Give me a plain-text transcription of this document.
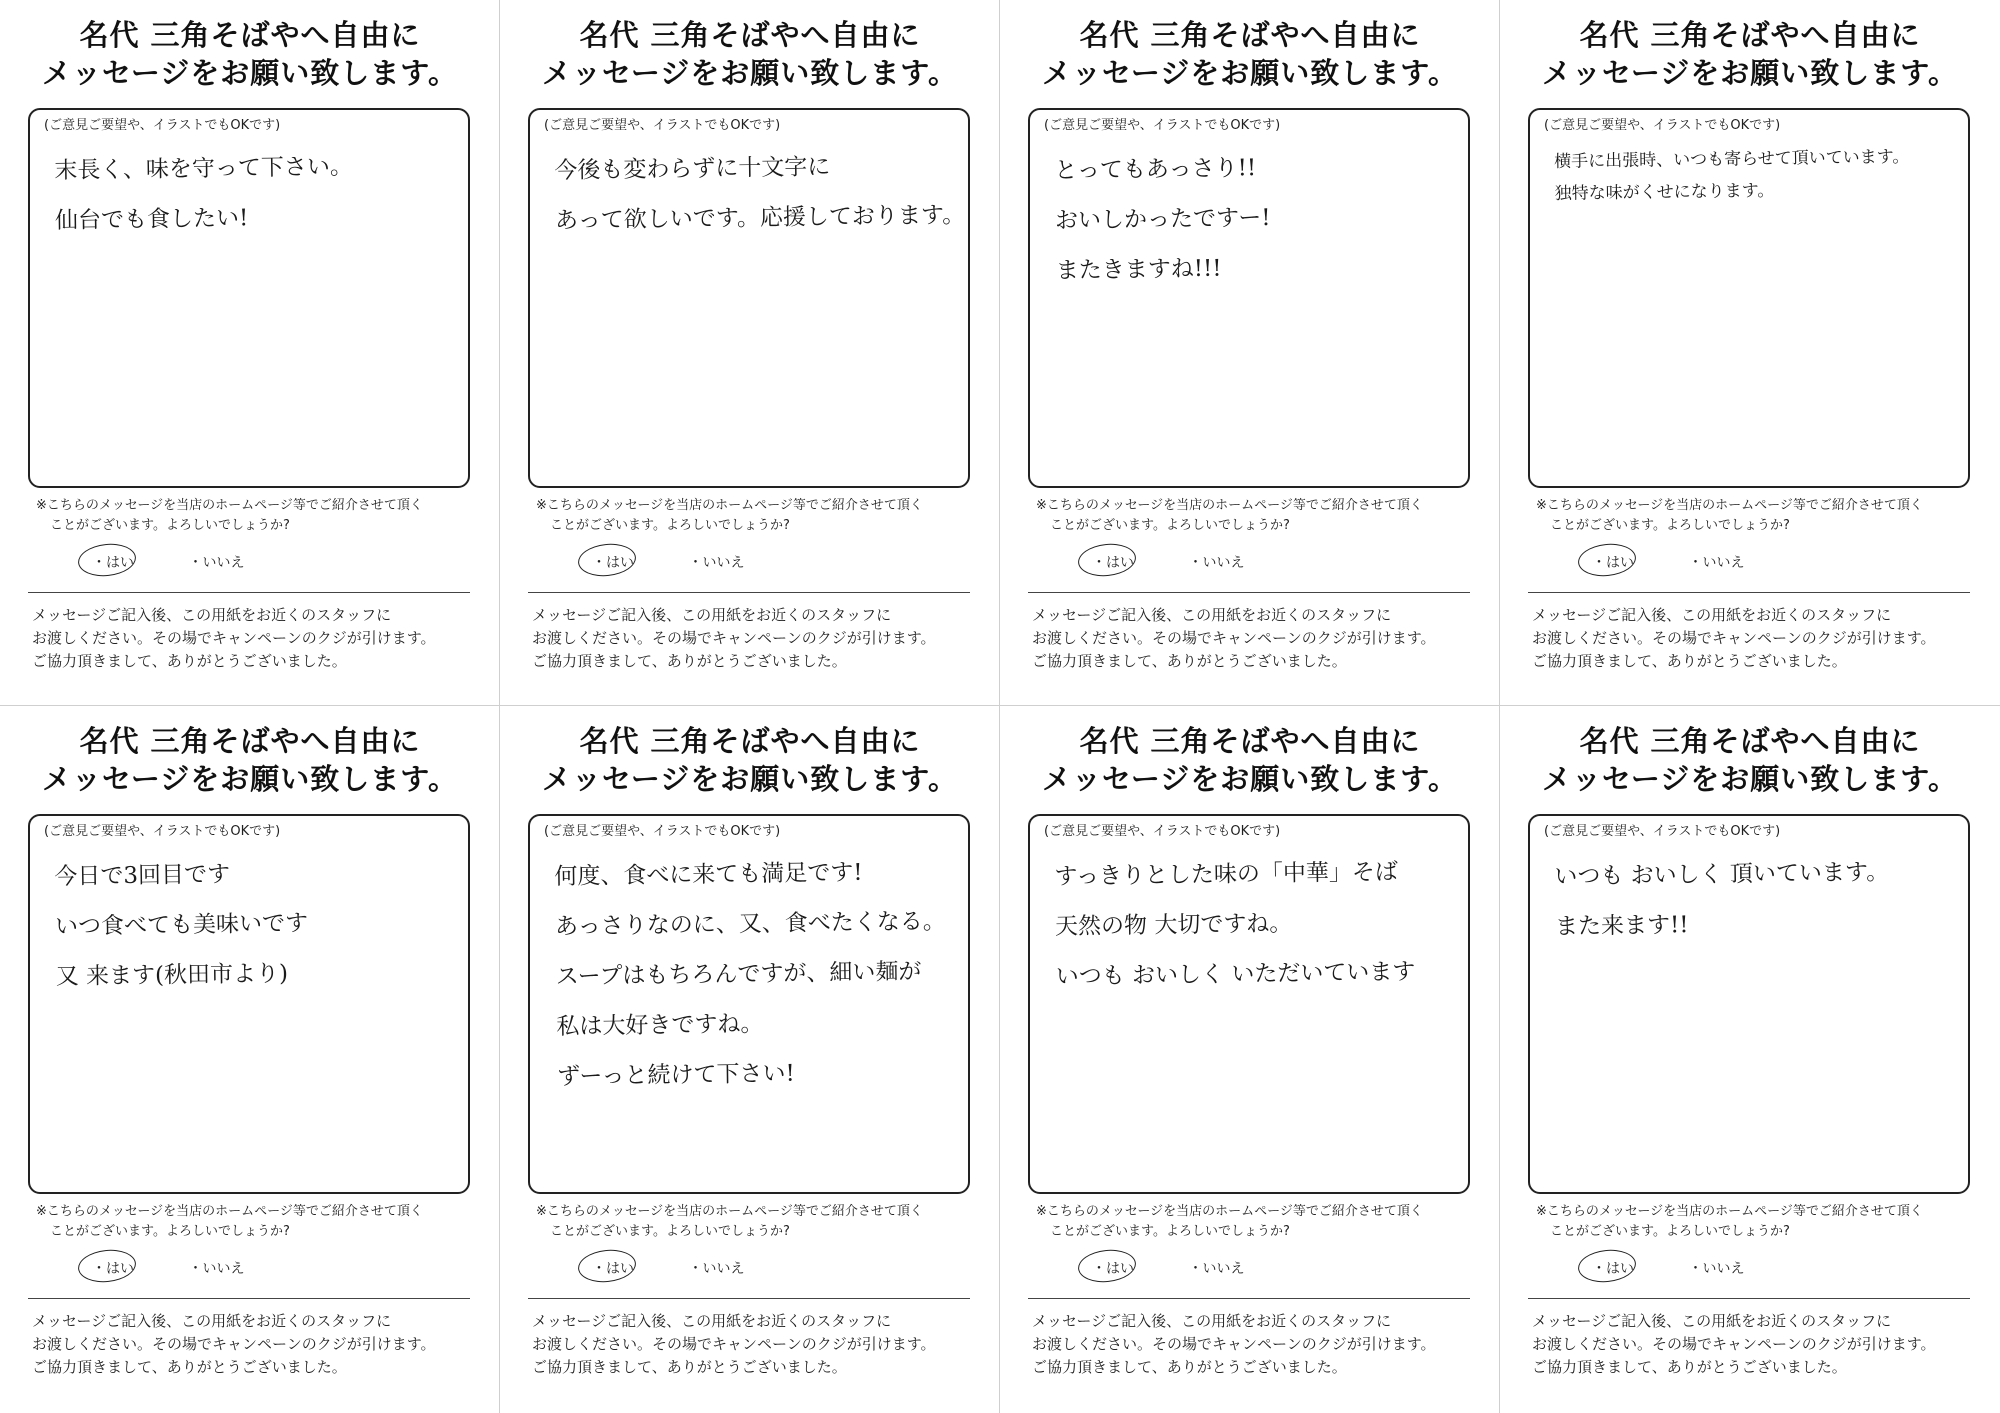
名代 三角そばやへ自由に
メッセージをお願い致します。
(ご意見ご要望や、イラストでもOKです)
末長く、味を守って下さい。
仙台でも食したい!
※こちらのメッセージを当店のホームページ等でご紹介させて頂く
ことがございます。よろしいでしょうか?
・はい	・いいえ
メッセージご記入後、この用紙をお近くのスタッフに
お渡しください。その場でキャンペーンのクジが引けます。
ご協力頂きまして、ありがとうございました。
名代 三角そばやへ自由に
メッセージをお願い致します。
(ご意見ご要望や、イラストでもOKです)
今後も変わらずに十文字に
あって欲しいです。応援しております。
※こちらのメッセージを当店のホームページ等でご紹介させて頂く
ことがございます。よろしいでしょうか?
・はい	・いいえ
メッセージご記入後、この用紙をお近くのスタッフに
お渡しください。その場でキャンペーンのクジが引けます。
ご協力頂きまして、ありがとうございました。
名代 三角そばやへ自由に
メッセージをお願い致します。
(ご意見ご要望や、イラストでもOKです)
とってもあっさり!!
おいしかったですー!
またきますね!!!
※こちらのメッセージを当店のホームページ等でご紹介させて頂く
ことがございます。よろしいでしょうか?
・はい	・いいえ
メッセージご記入後、この用紙をお近くのスタッフに
お渡しください。その場でキャンペーンのクジが引けます。
ご協力頂きまして、ありがとうございました。
名代 三角そばやへ自由に
メッセージをお願い致します。
(ご意見ご要望や、イラストでもOKです)
横手に出張時、いつも寄らせて頂いています。
独特な味がくせになります。
※こちらのメッセージを当店のホームページ等でご紹介させて頂く
ことがございます。よろしいでしょうか?
・はい	・いいえ
メッセージご記入後、この用紙をお近くのスタッフに
お渡しください。その場でキャンペーンのクジが引けます。
ご協力頂きまして、ありがとうございました。
名代 三角そばやへ自由に
メッセージをお願い致します。
(ご意見ご要望や、イラストでもOKです)
今日で3回目です
いつ食べても美味いです
又 来ます(秋田市より)
※こちらのメッセージを当店のホームページ等でご紹介させて頂く
ことがございます。よろしいでしょうか?
・はい	・いいえ
メッセージご記入後、この用紙をお近くのスタッフに
お渡しください。その場でキャンペーンのクジが引けます。
ご協力頂きまして、ありがとうございました。
名代 三角そばやへ自由に
メッセージをお願い致します。
(ご意見ご要望や、イラストでもOKです)
何度、食べに来ても満足です!
あっさりなのに、又、食べたくなる。
スープはもちろんですが、細い麺が
私は大好きですね。
ずーっと続けて下さい!
※こちらのメッセージを当店のホームページ等でご紹介させて頂く
ことがございます。よろしいでしょうか?
・はい	・いいえ
メッセージご記入後、この用紙をお近くのスタッフに
お渡しください。その場でキャンペーンのクジが引けます。
ご協力頂きまして、ありがとうございました。
名代 三角そばやへ自由に
メッセージをお願い致します。
(ご意見ご要望や、イラストでもOKです)
すっきりとした味の「中華」そば
天然の物 大切ですね。
いつも おいしく いただいています
※こちらのメッセージを当店のホームページ等でご紹介させて頂く
ことがございます。よろしいでしょうか?
・はい	・いいえ
メッセージご記入後、この用紙をお近くのスタッフに
お渡しください。その場でキャンペーンのクジが引けます。
ご協力頂きまして、ありがとうございました。
名代 三角そばやへ自由に
メッセージをお願い致します。
(ご意見ご要望や、イラストでもOKです)
いつも おいしく 頂いています。
また来ます!!
※こちらのメッセージを当店のホームページ等でご紹介させて頂く
ことがございます。よろしいでしょうか?
・はい	・いいえ
メッセージご記入後、この用紙をお近くのスタッフに
お渡しください。その場でキャンペーンのクジが引けます。
ご協力頂きまして、ありがとうございました。
